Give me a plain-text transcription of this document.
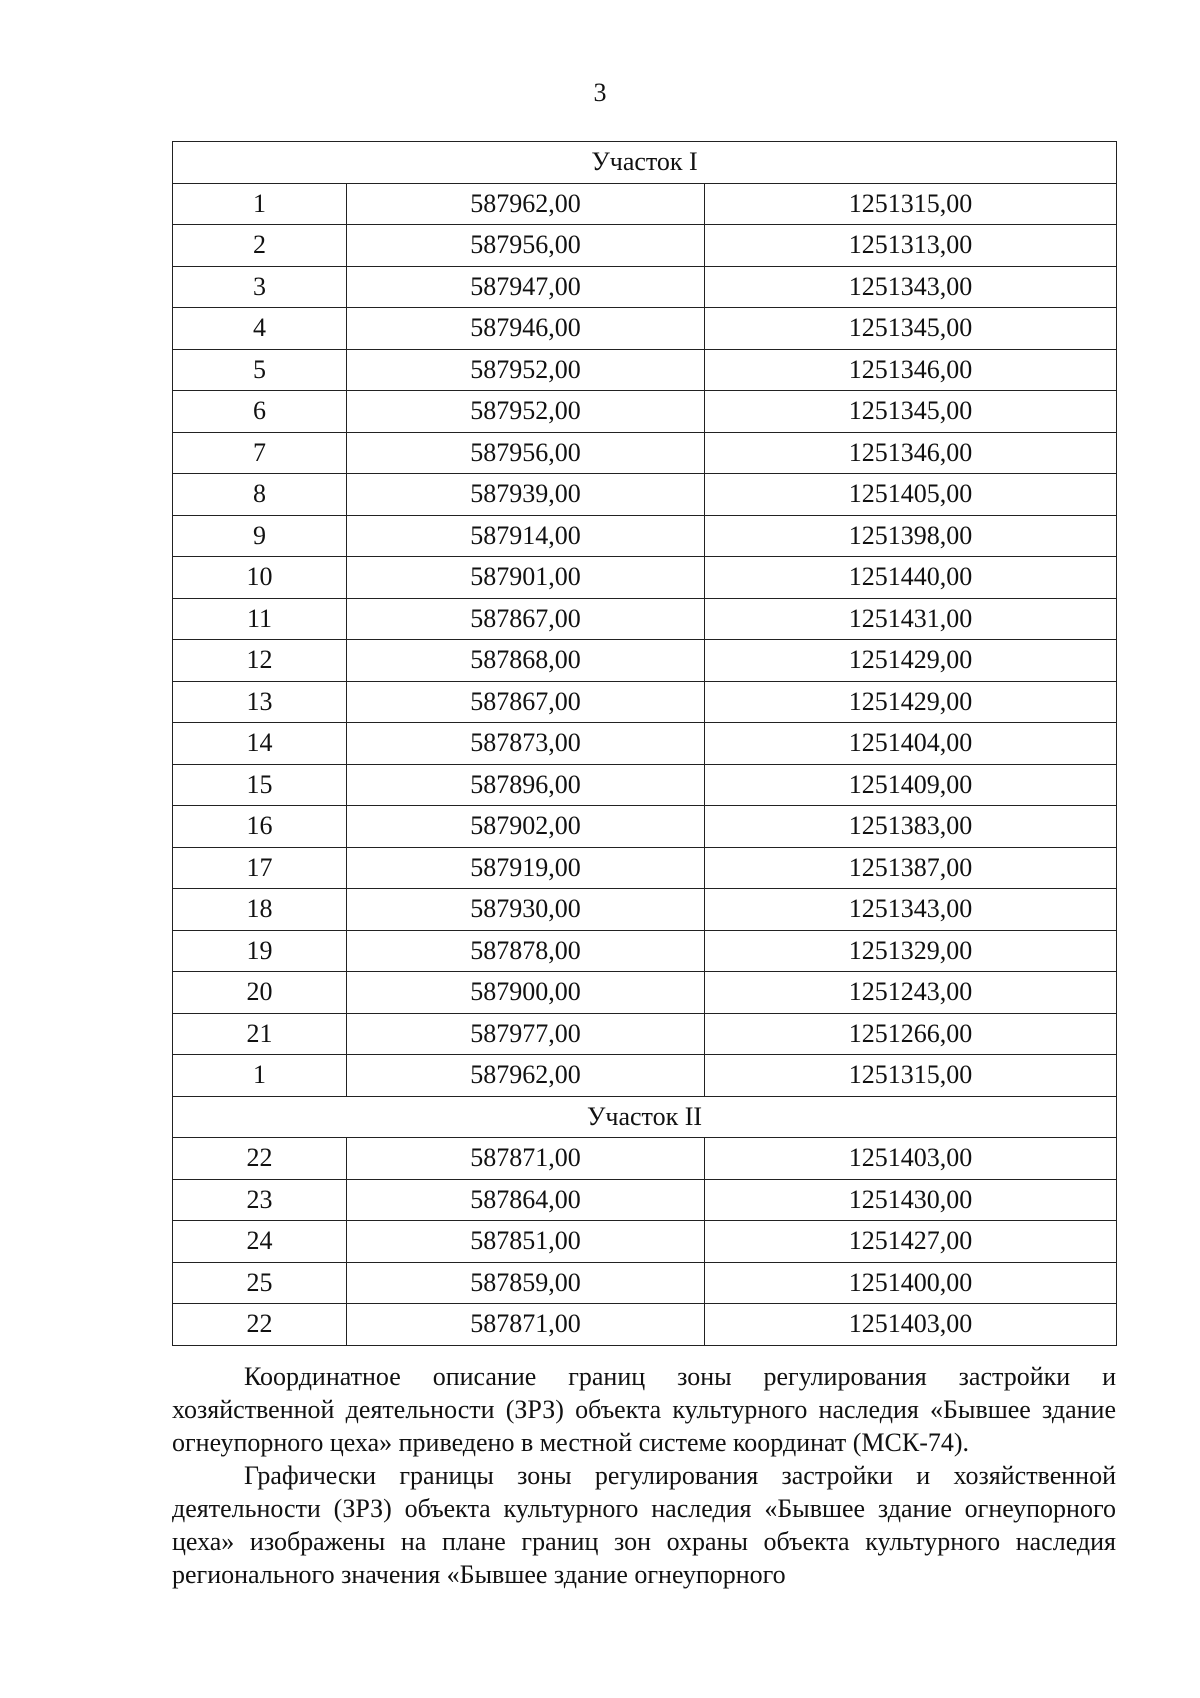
3
Участок I		
1	587962,00	1251315,00
2	587956,00	1251313,00
3	587947,00	1251343,00
4	587946,00	1251345,00
5	587952,00	1251346,00
6	587952,00	1251345,00
7	587956,00	1251346,00
8	587939,00	1251405,00
9	587914,00	1251398,00
10	587901,00	1251440,00
11	587867,00	1251431,00
12	587868,00	1251429,00
13	587867,00	1251429,00
14	587873,00	1251404,00
15	587896,00	1251409,00
16	587902,00	1251383,00
17	587919,00	1251387,00
18	587930,00	1251343,00
19	587878,00	1251329,00
20	587900,00	1251243,00
21	587977,00	1251266,00
1	587962,00	1251315,00
Участок II		
22	587871,00	1251403,00
23	587864,00	1251430,00
24	587851,00	1251427,00
25	587859,00	1251400,00
22	587871,00	1251403,00

Координатное описание границ зоны регулирования застройки и хозяйственной деятельности (ЗРЗ) объекта культурного наследия «Бывшее здание огнеупорного цеха» приведено в местной системе координат (МСК-74).

Графически границы зоны регулирования застройки и хозяйственной деятельности (ЗРЗ) объекта культурного наследия «Бывшее здание огнеупорного цеха» изображены на плане границ зон охраны объекта культурного наследия регионального значения «Бывшее здание огнеупорного
